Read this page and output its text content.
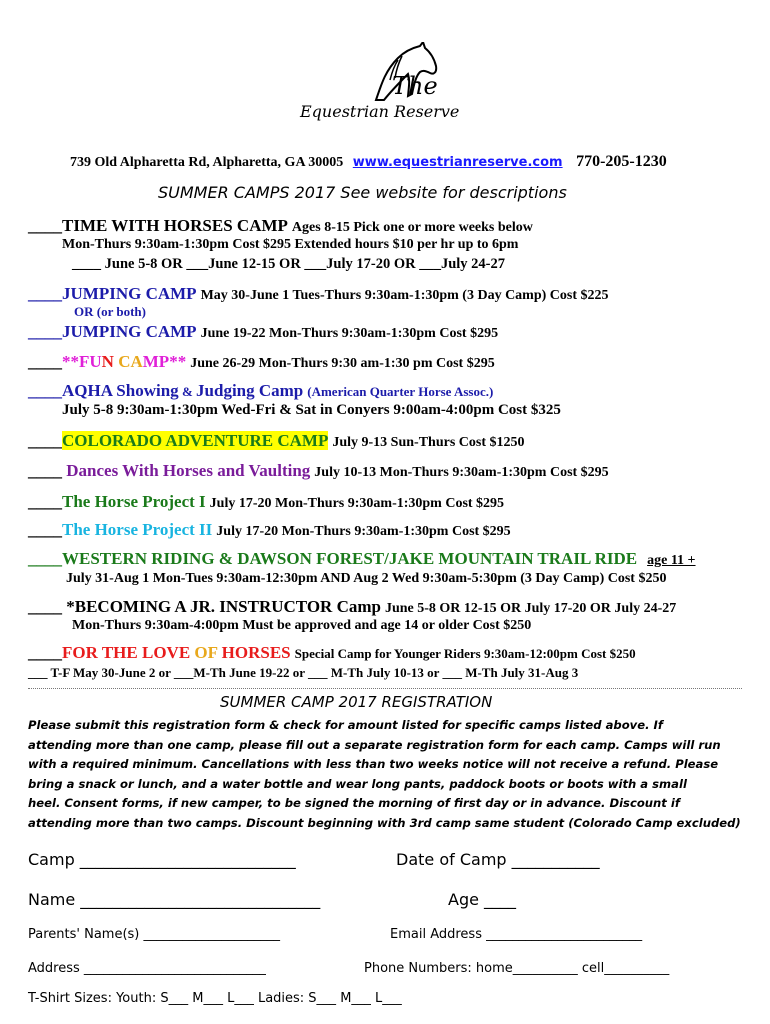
The
Equestrian Reserve
739 Old Alpharetta Rd, Alpharetta, GA 30005 www.equestrianreserve.com 770-205-1230
SUMMER CAMPS 2017 See website for descriptions
____TIME WITH HORSES CAMP Ages 8-15 Pick one or more weeks below
Mon-Thurs 9:30am-1:30pm Cost $295 Extended hours $10 per hr up to 6pm
____ June 5-8 OR ___June 12-15 OR ___July 17-20 OR ___July 24-27
____JUMPING CAMP May 30-June 1 Tues-Thurs 9:30am-1:30pm (3 Day Camp) Cost $225
OR (or both)
____JUMPING CAMP June 19-22 Mon-Thurs 9:30am-1:30pm Cost $295
____**FUN CAMP** June 26-29 Mon-Thurs 9:30 am-1:30 pm Cost $295
____AQHA Showing & Judging Camp (American Quarter Horse Assoc.)
July 5-8 9:30am-1:30pm Wed-Fri & Sat in Conyers 9:00am-4:00pm Cost $325
____COLORADO ADVENTURE CAMP July 9-13 Sun-Thurs Cost $1250
____ Dances With Horses and Vaulting July 10-13 Mon-Thurs 9:30am-1:30pm Cost $295
____The Horse Project I July 17-20 Mon-Thurs 9:30am-1:30pm Cost $295
____The Horse Project II July 17-20 Mon-Thurs 9:30am-1:30pm Cost $295
____WESTERN RIDING & DAWSON FOREST/JAKE MOUNTAIN TRAIL RIDE age 11 +
July 31-Aug 1 Mon-Tues 9:30am-12:30pm AND Aug 2 Wed 9:30am-5:30pm (3 Day Camp) Cost $250
____ *BECOMING A JR. INSTRUCTOR Camp June 5-8 OR 12-15 OR July 17-20 OR July 24-27
Mon-Thurs 9:30am-4:00pm Must be approved and age 14 or older Cost $250
____FOR THE LOVE OF HORSES Special Camp for Younger Riders 9:30am-12:00pm Cost $250
___ T-F May 30-June 2 or ___M-Th June 19-22 or ___ M-Th July 10-13 or ___ M-Th July 31-Aug 3
SUMMER CAMP 2017 REGISTRATION

Please submit this registration form & check for amount listed for specific camps listed above. If

attending more than one camp, please fill out a separate registration form for each camp. Camps will run

with a required minimum. Cancellations with less than two weeks notice will not receive a refund. Please

bring a snack or lunch, and a water bottle and wear long pants, paddock boots or boots with a small

heel. Consent forms, if new camper, to be signed the morning of first day or in advance. Discount if

attending more than two camps. Discount beginning with 3rd camp same student (Colorado Camp excluded)

Camp ___________________________	Date of Camp ___________
Name ______________________________	Age ____
Parents' Name(s) _____________________	Email Address ________________________
Address ____________________________	Phone Numbers: home__________ cell__________
T-Shirt Sizes: Youth: S___ M___ L___ Ladies: S___ M___ L___
